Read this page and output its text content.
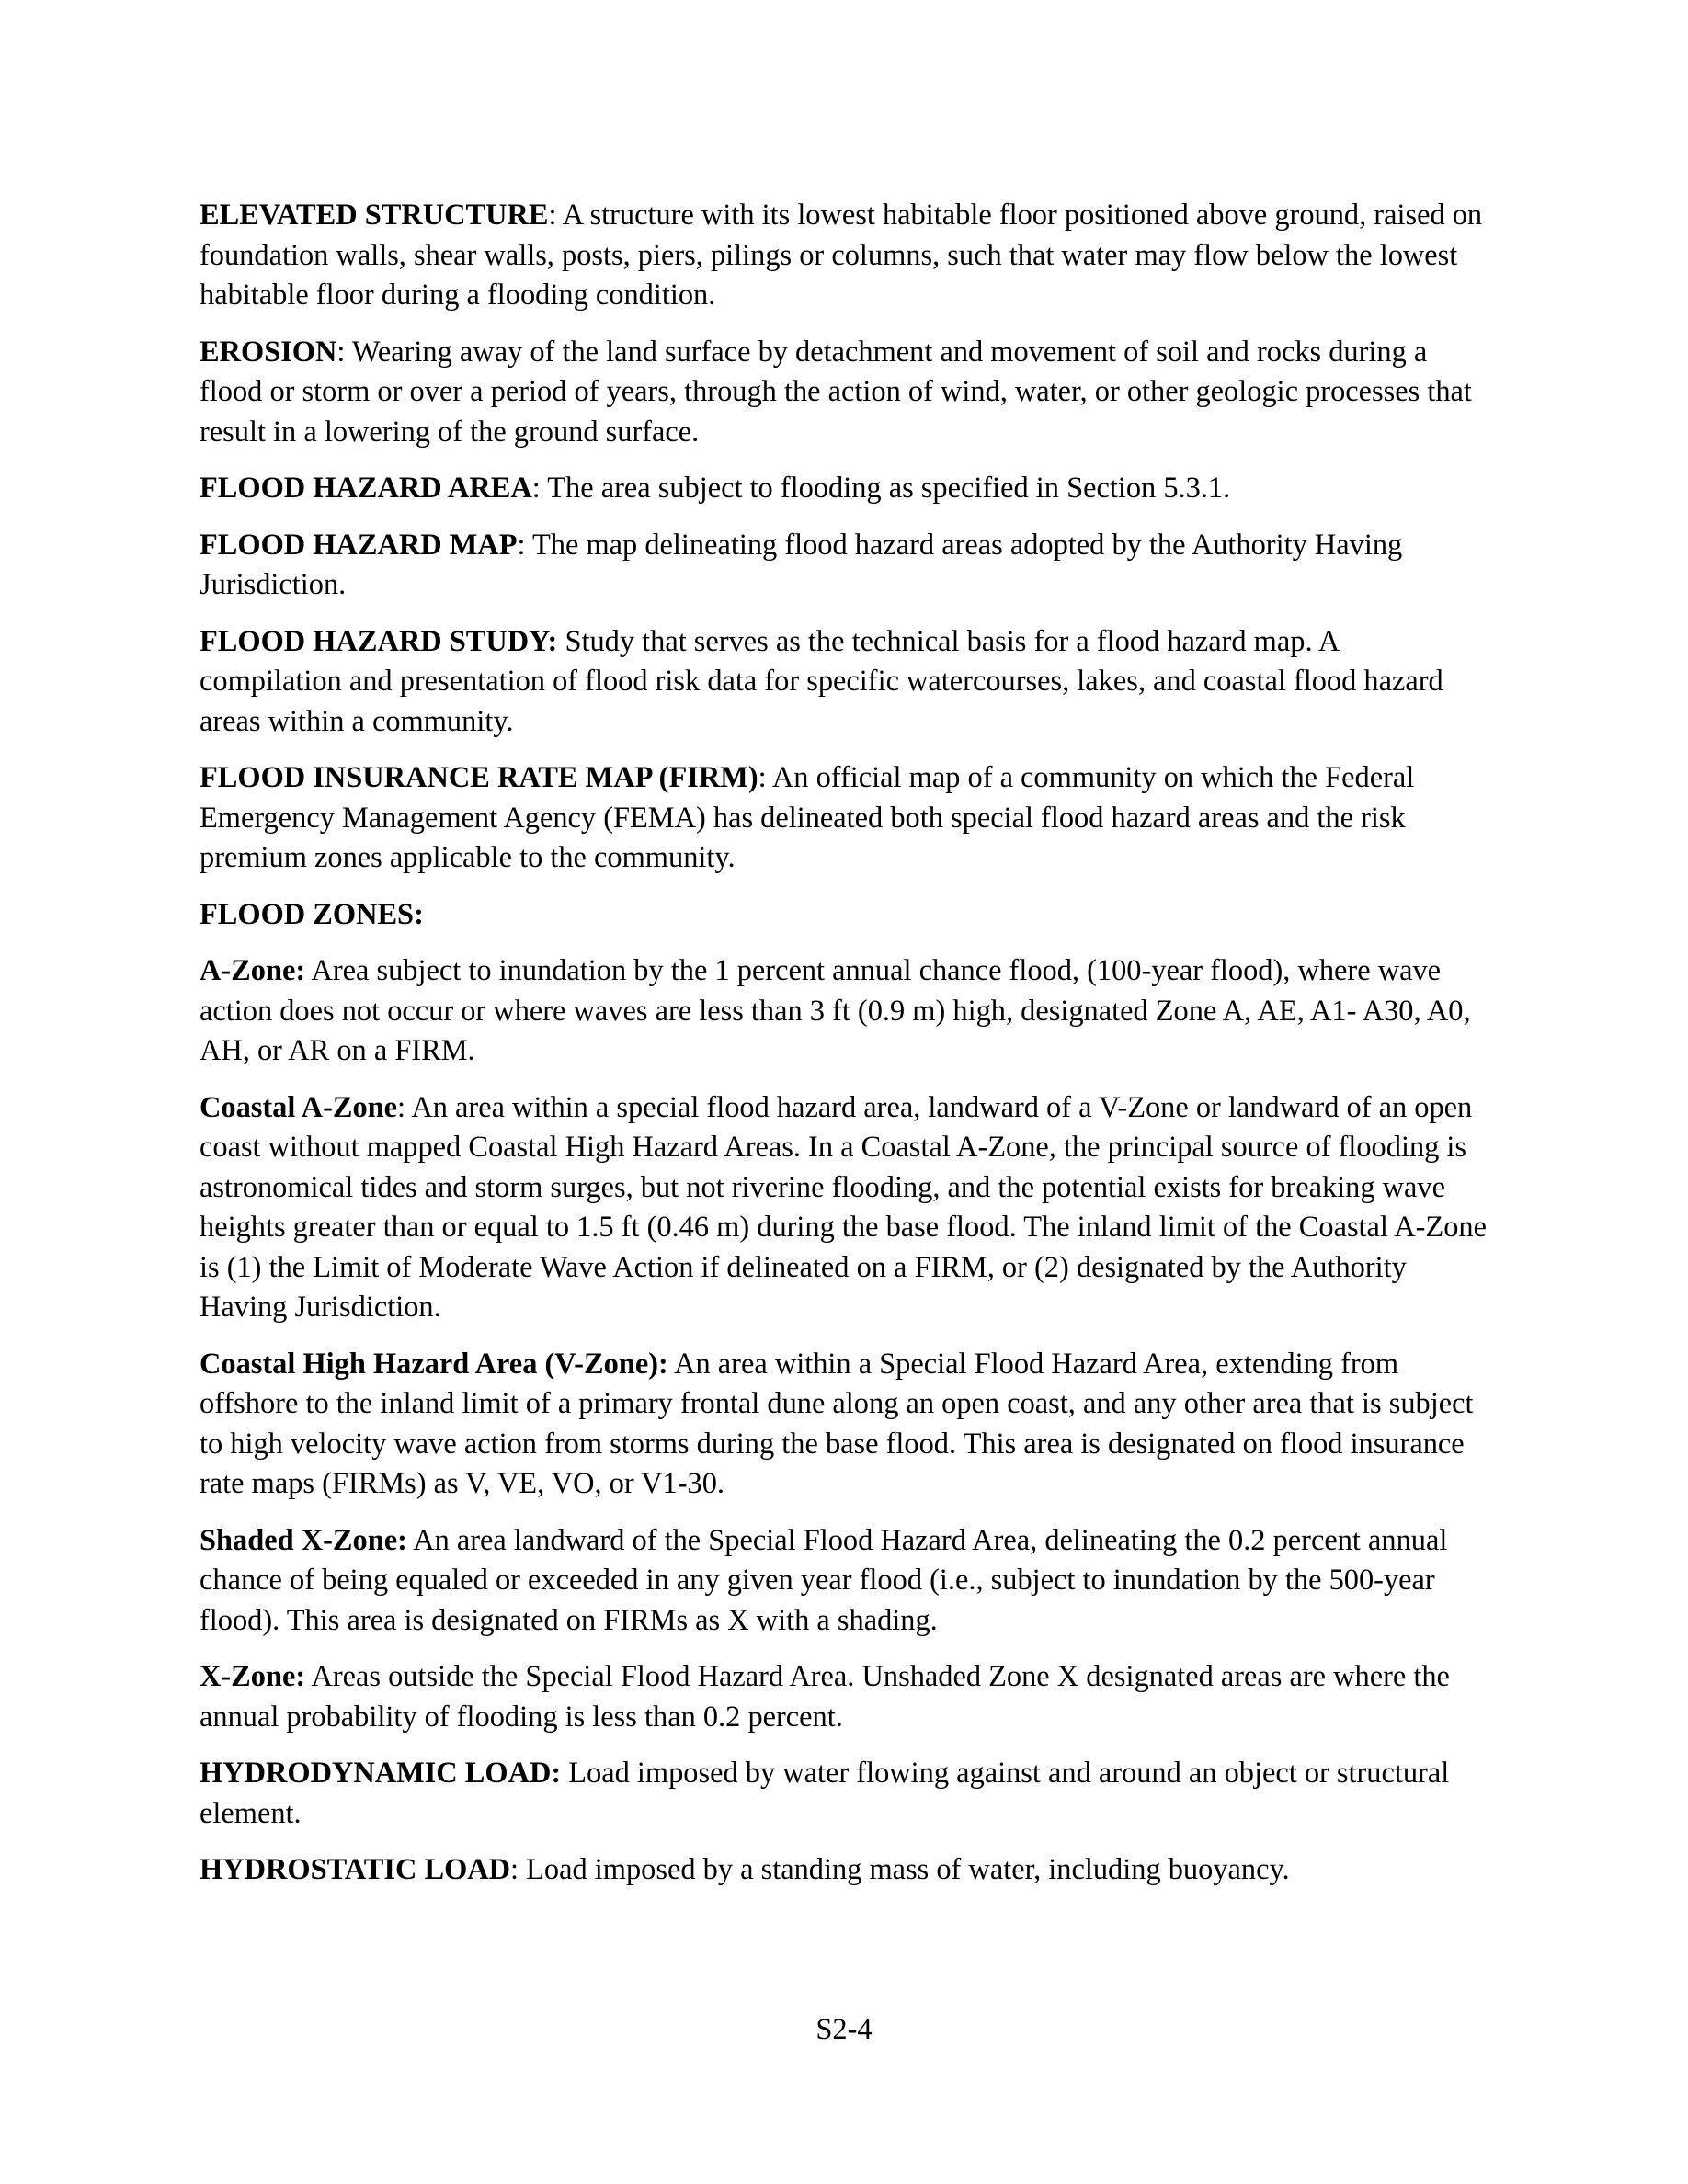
ELEVATED STRUCTURE: A structure with its lowest habitable floor positioned above ground, raised on foundation walls, shear walls, posts, piers, pilings or columns, such that water may flow below the lowest habitable floor during a flooding condition.

EROSION: Wearing away of the land surface by detachment and movement of soil and rocks during a flood or storm or over a period of years, through the action of wind, water, or other geologic processes that result in a lowering of the ground surface.

FLOOD HAZARD AREA: The area subject to flooding as specified in Section 5.3.1.

FLOOD HAZARD MAP: The map delineating flood hazard areas adopted by the Authority Having Jurisdiction.

FLOOD HAZARD STUDY: Study that serves as the technical basis for a flood hazard map. A compilation and presentation of flood risk data for specific watercourses, lakes, and coastal flood hazard areas within a community.

FLOOD INSURANCE RATE MAP (FIRM): An official map of a community on which the Federal Emergency Management Agency (FEMA) has delineated both special flood hazard areas and the risk premium zones applicable to the community.

FLOOD ZONES:

A-Zone: Area subject to inundation by the 1 percent annual chance flood, (100-year flood), where wave action does not occur or where waves are less than 3 ft (0.9 m) high, designated Zone A, AE, A1- A30, A0, AH, or AR on a FIRM.

Coastal A-Zone: An area within a special flood hazard area, landward of a V-Zone or landward of an open coast without mapped Coastal High Hazard Areas. In a Coastal A-Zone, the principal source of flooding is astronomical tides and storm surges, but not riverine flooding, and the potential exists for breaking wave heights greater than or equal to 1.5 ft (0.46 m) during the base flood. The inland limit of the Coastal A-Zone is (1) the Limit of Moderate Wave Action if delineated on a FIRM, or (2) designated by the Authority Having Jurisdiction.

Coastal High Hazard Area (V-Zone): An area within a Special Flood Hazard Area, extending from offshore to the inland limit of a primary frontal dune along an open coast, and any other area that is subject to high velocity wave action from storms during the base flood. This area is designated on flood insurance rate maps (FIRMs) as V, VE, VO, or V1-30.

Shaded X-Zone: An area landward of the Special Flood Hazard Area, delineating the 0.2 percent annual chance of being equaled or exceeded in any given year flood (i.e., subject to inundation by the 500-year flood). This area is designated on FIRMs as X with a shading.

X-Zone: Areas outside the Special Flood Hazard Area. Unshaded Zone X designated areas are where the annual probability of flooding is less than 0.2 percent.

HYDRODYNAMIC LOAD: Load imposed by water flowing against and around an object or structural element.

HYDROSTATIC LOAD: Load imposed by a standing mass of water, including buoyancy.

S2-4
